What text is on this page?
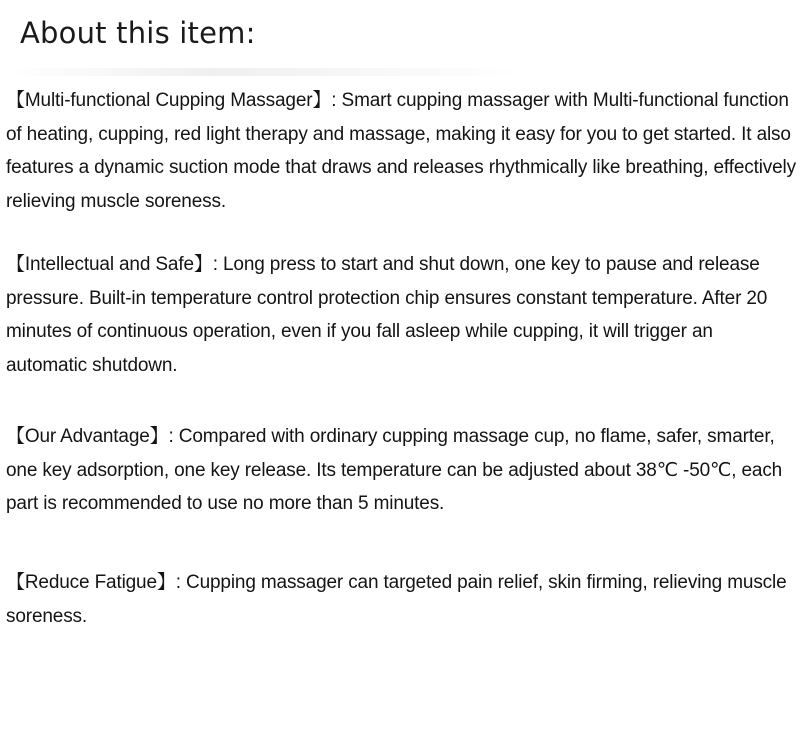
About this item:

【Multi-functional Cupping Massager】: Smart cupping massager with Multi-functional function of heating, cupping, red light therapy and massage, making it easy for you to get started. It also features a dynamic suction mode that draws and releases rhythmically like breathing, effectively relieving muscle soreness.

【Intellectual and Safe】: Long press to start and shut down, one key to pause and release pressure. Built-in temperature control protection chip ensures constant temperature. After 20 minutes of continuous operation, even if you fall asleep while cupping, it will trigger an automatic shutdown.

【Our Advantage】: Compared with ordinary cupping massage cup, no flame, safer, smarter, one key adsorption, one key release. Its temperature can be adjusted about 38℃ -50℃, each part is recommended to use no more than 5 minutes.

【Reduce Fatigue】: Cupping massager can targeted pain relief, skin firming, relieving muscle soreness.
